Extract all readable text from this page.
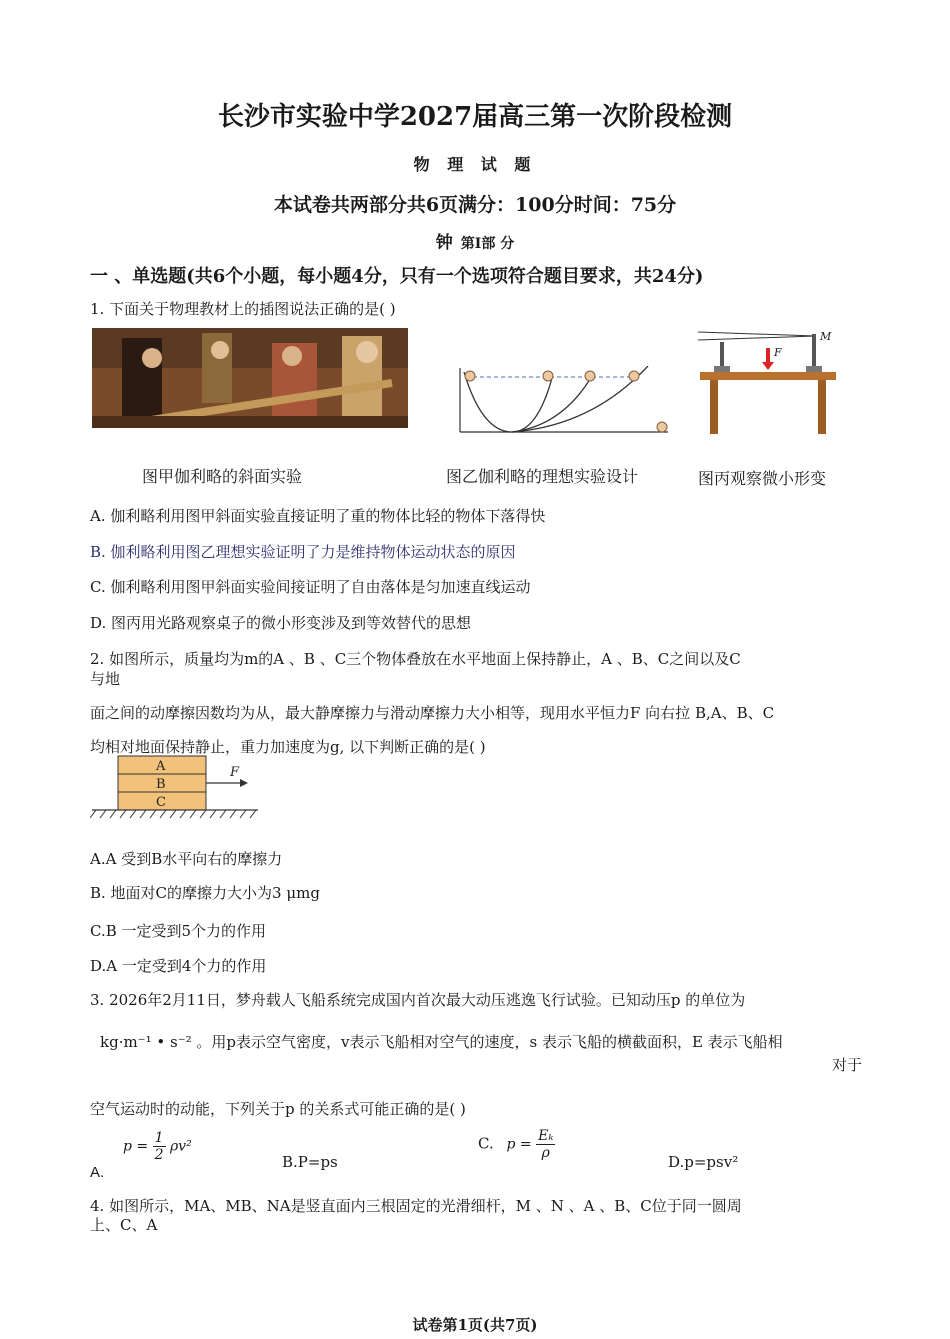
长沙市实验中学2027届高三第一次阶段检测
物 理 试 题
本试卷共两部分共6页满分：100分时间：75分
钟 第I部 分
一 、单选题(共6个小题，每小题4分，只有一个选项符合题目要求，共24分)
1. 下面关于物理教材上的插图说法正确的是( )
F
M
图甲伽利略的斜面实验	图乙伽利略的理想实验设计	图丙观察微小形变
A. 伽利略利用图甲斜面实验直接证明了重的物体比轻的物体下落得快
B. 伽利略利用图乙理想实验证明了力是维持物体运动状态的原因
C. 伽利略利用图甲斜面实验间接证明了自由落体是匀加速直线运动
D. 图丙用光路观察桌子的微小形变涉及到等效替代的思想
2. 如图所示，质量均为m的A 、B 、C三个物体叠放在水平地面上保持静止，A 、B、C之间以及C
与地
面之间的动摩擦因数均为从，最大静摩擦力与滑动摩擦力大小相等，现用水平恒力F 向右拉 B,A、B、C
均相对地面保持静止，重力加速度为g, 以下判断正确的是( )
A
B
C
F
A.A 受到B水平向右的摩擦力
B. 地面对C的摩擦力大小为3 μmg
C.B 一定受到5个力的作用
D.A 一定受到4个力的作用
3. 2026年2月11日，梦舟载人飞船系统完成国内首次最大动压逃逸飞行试验。已知动压p 的单位为
kg·m⁻¹ • s⁻² 。用p表示空气密度，v表示飞船相对空气的速度，s 表示飞船的横截面积，E 表示飞船相
对于
空气运动时的动能，下列关于p 的关系式可能正确的是( )
A. $p = \frac{1}{2} \rho v^2$
B.P=ps
C. $p = \frac{\text{Eₖ}}{\rho}$
D.p=psv²
4. 如图所示，MA、MB、NA是竖直面内三根固定的光滑细杆，M 、N 、A 、B、C位于同一圆周
上、C、A
试卷第1页(共7页)
